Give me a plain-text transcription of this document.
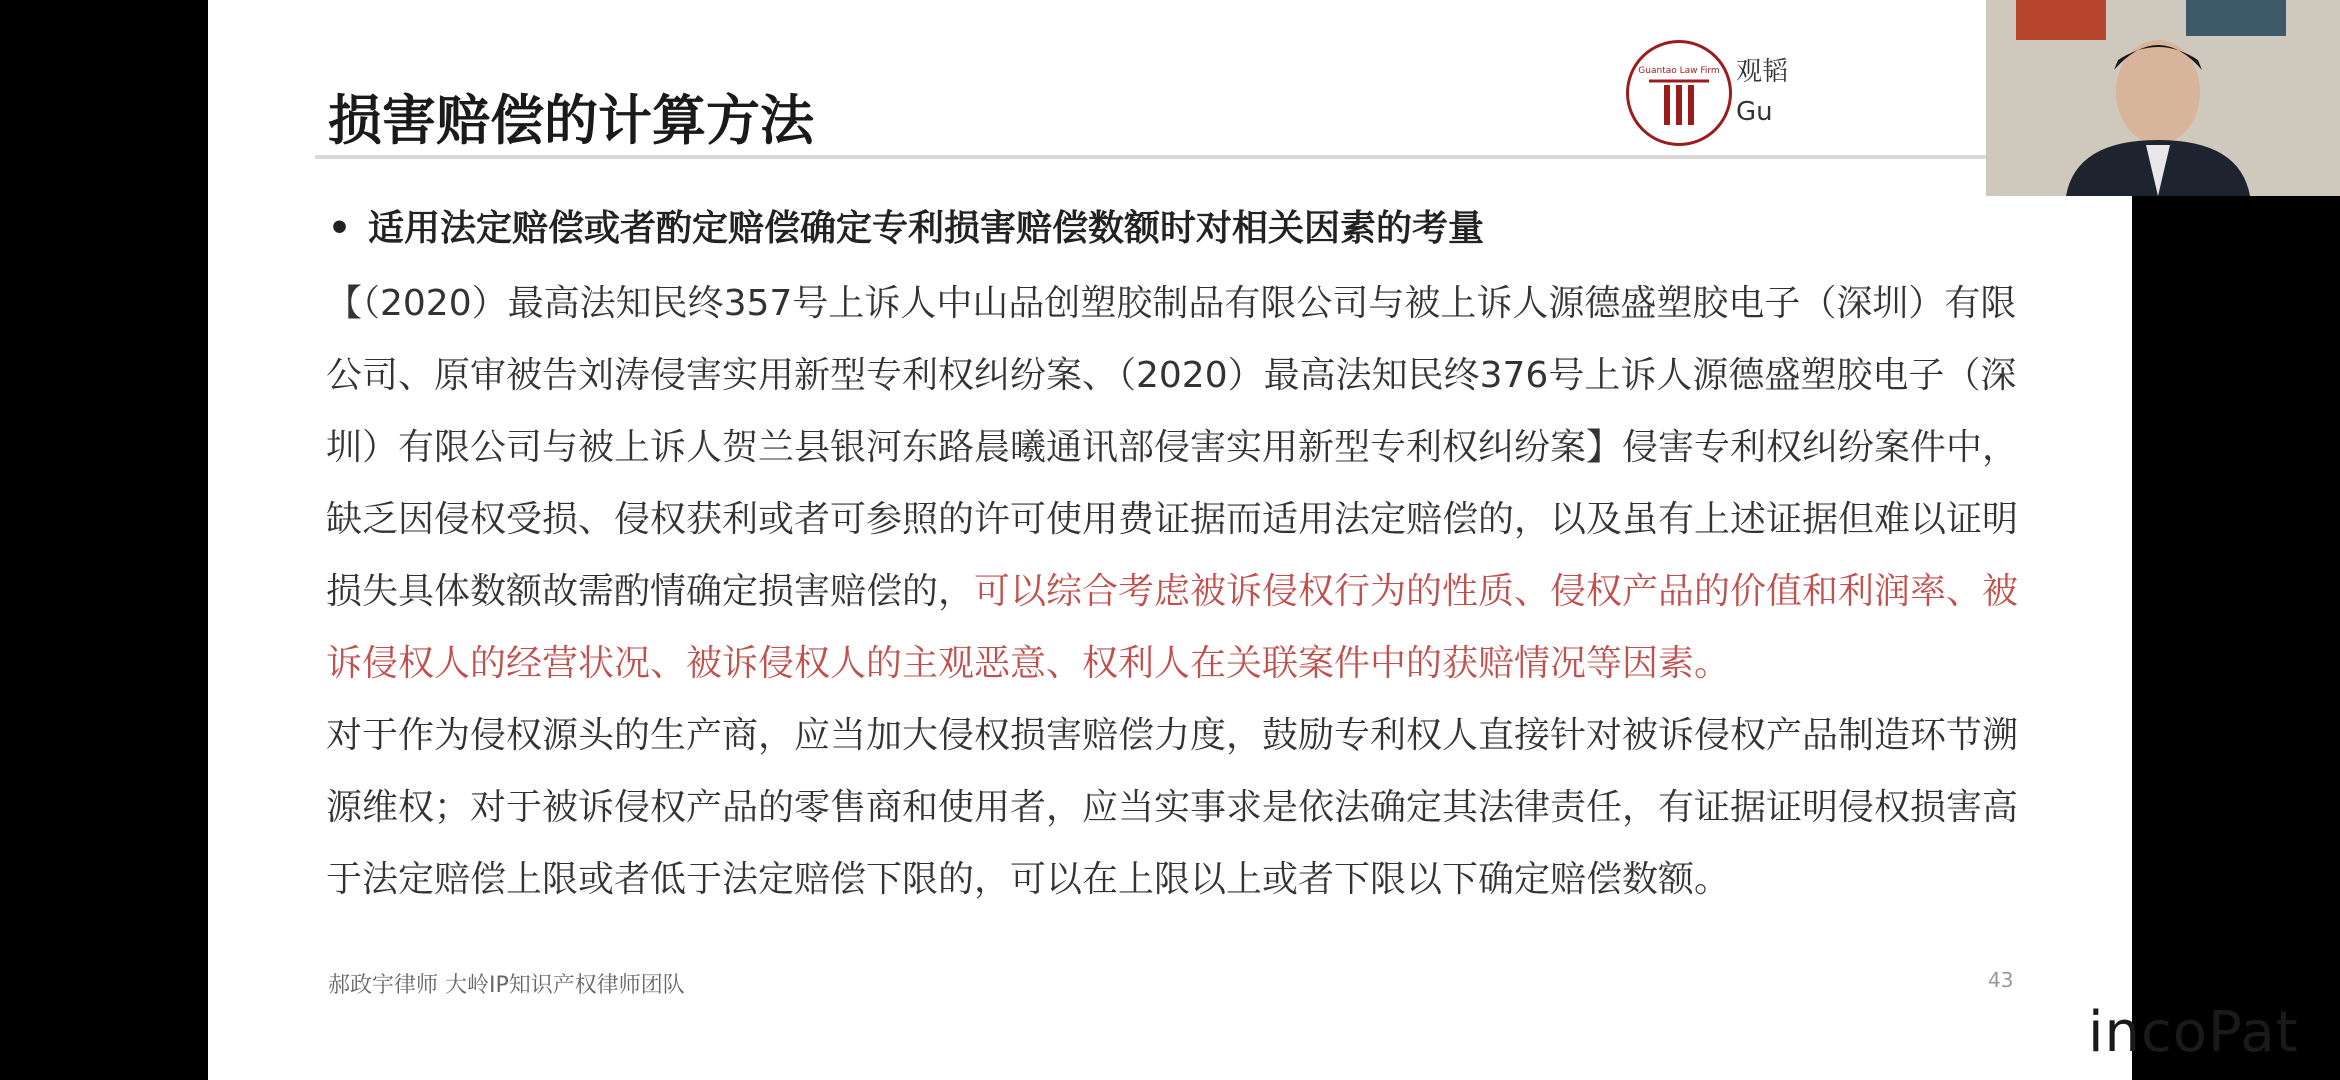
损害赔偿的计算方法
Guantao Law Firm 观韬
Gu
• 适用法定赔偿或者酌定赔偿确定专利损害赔偿数额时对相关因素的考量
【（2020）最高法知民终357号上诉人中山品创塑胶制品有限公司与被上诉人源德盛塑胶电子（深圳）有限公司、原审被告刘涛侵害实用新型专利权纠纷案、（2020）最高法知民终376号上诉人源德盛塑胶电子（深圳）有限公司与被上诉人贺兰县银河东路晨曦通讯部侵害实用新型专利权纠纷案】侵害专利权纠纷案件中，缺乏因侵权受损、侵权获利或者可参照的许可使用费证据而适用法定赔偿的，以及虽有上述证据但难以证明损失具体数额故需酌情确定损害赔偿的，可以综合考虑被诉侵权行为的性质、侵权产品的价值和利润率、被诉侵权人的经营状况、被诉侵权人的主观恶意、权利人在关联案件中的获赔情况等因素。
对于作为侵权源头的生产商，应当加大侵权损害赔偿力度，鼓励专利权人直接针对被诉侵权产品制造环节溯源维权；对于被诉侵权产品的零售商和使用者，应当实事求是依法确定其法律责任，有证据证明侵权损害高于法定赔偿上限或者低于法定赔偿下限的，可以在上限以上或者下限以下确定赔偿数额。
郝政宇律师 大岭IP知识产权律师团队	43
incoPat
